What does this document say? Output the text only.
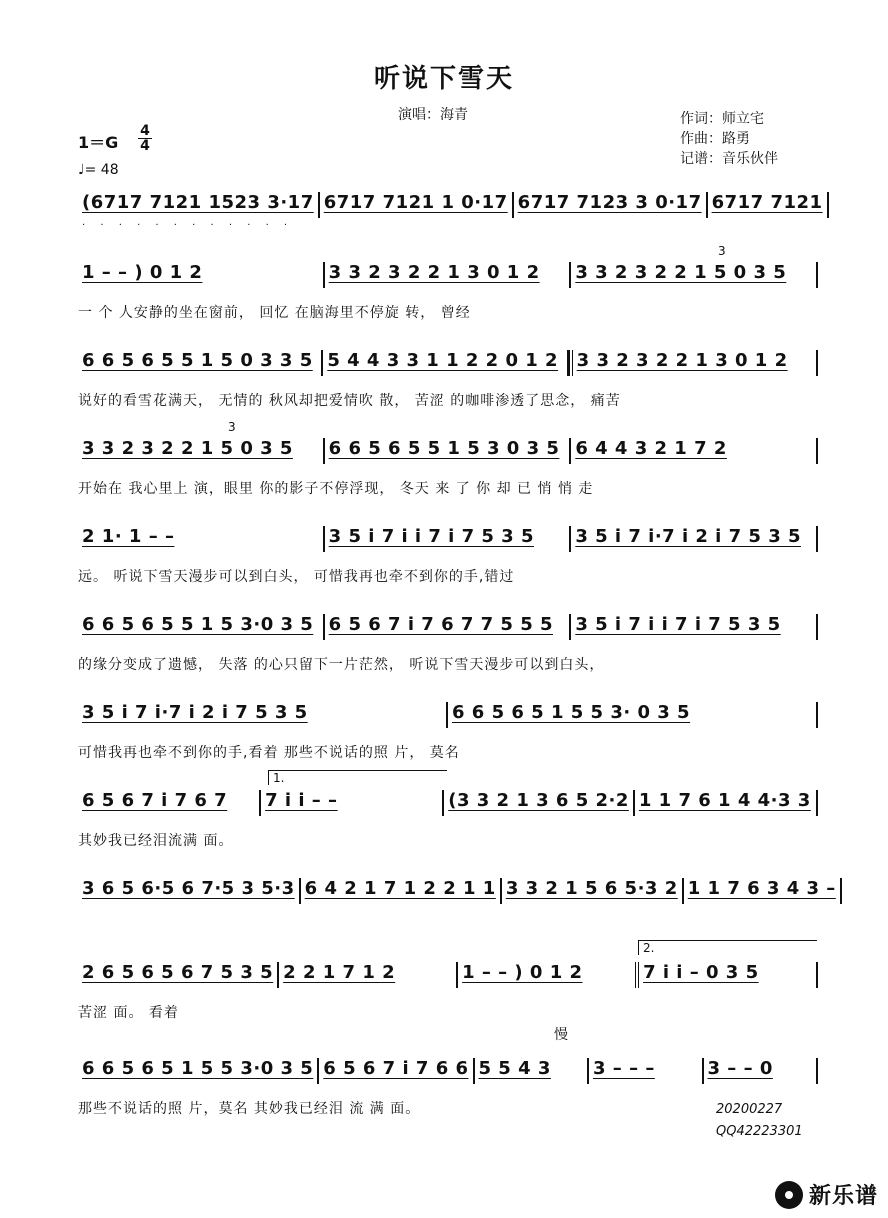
听说下雪天
演唱：海青	作词：师立宅
作曲：路勇
记谱：音乐伙伴
1＝G
4
4
♩= 48
(6717 7121 1523 3·17 6717 7121 1 0·17 6717 7123 3 0·17 6717 7121
· · · · · · · · · · · ·
1 – – ) 0 1 2	3 3 2 3 2 2 1 3 0 1 2	3 3 2 3 2 2 1 5 0 3 5
3
一 个 人安静的坐在窗前， 回忆 在脑海里不停旋 转， 曾经
6 6 5 6 5 5 1 5 0 3 3 5 5 4 4 3 3 1 1 2 2 0 1 2	3 3 2 3 2 2 1 3 0 1 2
说好的看雪花满天， 无情的 秋风却把爱情吹 散， 苦涩 的咖啡渗透了思念， 痛苦
3 3 2 3 2 2 1 5 0 3 5	6 6 5 6 5 5 1 5 3 0 3 5 6 4 4 3 2 1 7 2
3
开始在 我心里上 演，眼里 你的影子不停浮现， 冬天 来 了 你 却 已 悄 悄 走
2 1· 1 – –	3 5 i 7 i i 7 i 7 5 3 5	3 5 i 7 i·7 i 2 i 7 5 3 5
远。 听说下雪天漫步可以到白头， 可惜我再也牵不到你的手,错过
6 6 5 6 5 5 1 5 3·0 3 5 6 5 6 7 i 7 6 7 7 5 5 5	3 5 i 7 i i 7 i 7 5 3 5
的缘分变成了遗憾， 失落 的心只留下一片茫然， 听说下雪天漫步可以到白头，
3 5 i 7 i·7 i 2 i 7 5 3 5	6 6 5 6 5 1 5 5 3· 0 3 5
可惜我再也牵不到你的手,看着 那些不说话的照 片， 莫名
6 5 6 7 i 7 6 7	7 i i – –	(3 3 2 1 3 6 5 2·2 1 1 7 6 1 4 4·3 3
1.
其妙我已经泪流满 面。
3 6 5 6·5 6 7·5 3 5·3 6 4 2 1 7 1 2 2 1 1 3 3 2 1 5 6 5·3 2 1 1 7 6 3 4 3 –
2 6 5 6 5 6 7 5 3 5 2 2 1 7 1 2	1 – – ) 0 1 2	7 i i – 0 3 5
2.
苦涩 面。 看着
6 6 5 6 5 1 5 5 3·0 3 5 6 5 6 7 i 7 6 6 5 5 4 3	3 – – –	3 – – 0
慢
那些不说话的照 片，莫名 其妙我已经泪 流 满 面。	20200227
QQ42223301
新乐谱
